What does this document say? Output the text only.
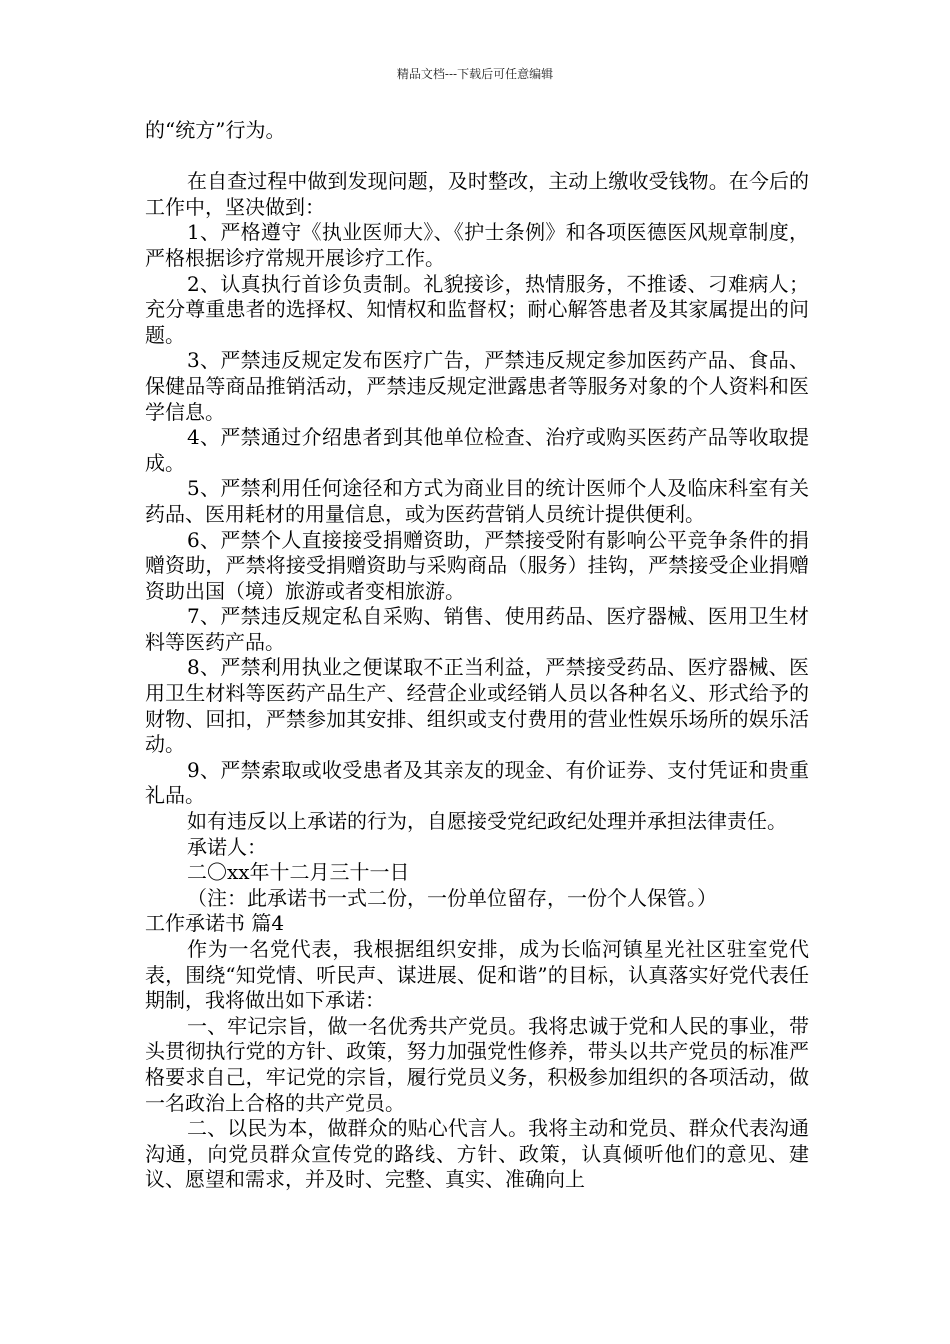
精品文档---下载后可任意编辑

的“统方”行为。

在自查过程中做到发现问题，及时整改，主动上缴收受钱物。在今后的工作中，坚决做到：

1、严格遵守《执业医师大》、《护士条例》和各项医德医风规章制度，严格根据诊疗常规开展诊疗工作。

2、认真执行首诊负责制。礼貌接诊，热情服务，不推诿、刁难病人；充分尊重患者的选择权、知情权和监督权；耐心解答患者及其家属提出的问题。

3、严禁违反规定发布医疗广告，严禁违反规定参加医药产品、食品、保健品等商品推销活动，严禁违反规定泄露患者等服务对象的个人资料和医学信息。

4、严禁通过介绍患者到其他单位检查、治疗或购买医药产品等收取提成。

5、严禁利用任何途径和方式为商业目的统计医师个人及临床科室有关药品、医用耗材的用量信息，或为医药营销人员统计提供便利。

6、严禁个人直接接受捐赠资助，严禁接受附有影响公平竞争条件的捐赠资助，严禁将接受捐赠资助与采购商品（服务）挂钩，严禁接受企业捐赠资助出国（境）旅游或者变相旅游。

7、严禁违反规定私自采购、销售、使用药品、医疗器械、医用卫生材料等医药产品。

8、严禁利用执业之便谋取不正当利益，严禁接受药品、医疗器械、医用卫生材料等医药产品生产、经营企业或经销人员以各种名义、形式给予的财物、回扣，严禁参加其安排、组织或支付费用的营业性娱乐场所的娱乐活动。

9、严禁索取或收受患者及其亲友的现金、有价证券、支付凭证和贵重礼品。

如有违反以上承诺的行为，自愿接受党纪政纪处理并承担法律责任。

承诺人：

二〇xx年十二月三十一日

（注：此承诺书一式二份，一份单位留存，一份个人保管。）

工作承诺书 篇4

作为一名党代表，我根据组织安排，成为长临河镇星光社区驻室党代表，围绕“知党情、听民声、谋进展、促和谐”的目标，认真落实好党代表任期制，我将做出如下承诺：

一、牢记宗旨，做一名优秀共产党员。我将忠诚于党和人民的事业，带头贯彻执行党的方针、政策，努力加强党性修养，带头以共产党员的标准严格要求自己，牢记党的宗旨，履行党员义务，积极参加组织的各项活动，做一名政治上合格的共产党员。

二、以民为本，做群众的贴心代言人。我将主动和党员、群众代表沟通沟通，向党员群众宣传党的路线、方针、政策，认真倾听他们的意见、建议、愿望和需求，并及时、完整、真实、准确向上
